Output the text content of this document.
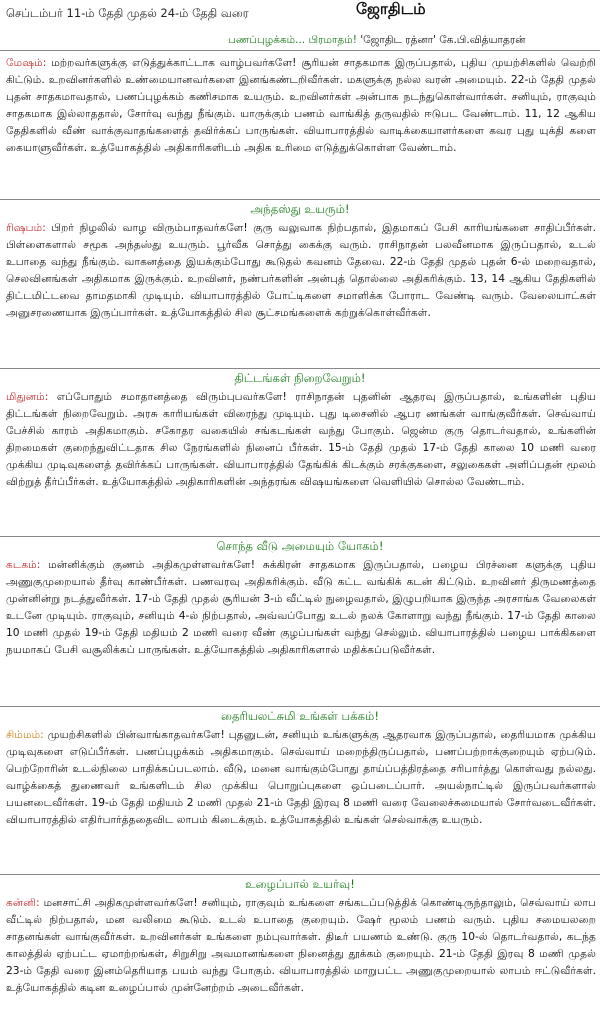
செப்டம்பர் 11-ம் தேதி முதல் 24-ம் தேதி வரை	ஜோதிடம்
பணப்புழக்கம்... பிரமாதம்! 'ஜோதிட ரத்னா' கே.பி.வித்யாதரன்
மேஷம்: மற்றவர்களுக்கு எடுத்துக்காட்டாக வாழ்பவர்களே! சூரியன் சாதகமாக இருப்பதால், புதிய முயற்சிகளில் வெற்றி கிட்டும். உறவினர்களில் உண்மையானவர்களை இனங்கண்டறிவீர்கள். மகளுக்கு நல்ல வரன் அமையும். 22-ம் தேதி முதல் புதன் சாதகமாவதால், பணப்புழக்கம் கணிசமாக உயரும். உறவினர்கள் அன்பாக நடந்துகொள்வார்கள். சனியும், ராகுவும் சாதகமாக இல்லாததால், சோர்வு வந்து நீங்கும். யாருக்கும் பணம் வாங்கித் தருவதில் ஈடுபட வேண்டாம். 11, 12 ஆகிய தேதிகளில் வீண் வாக்குவாதங்களைத் தவிர்க்கப் பாருங்கள். வியாபாரத்தில் வாடிக்கையாளர்களை கவர புது யுக்தி களை கையாளுவீர்கள். உத்யோகத்தில் அதிகாரிகளிடம் அதிக உரிமை எடுத்துக்கொள்ள வேண்டாம்.
அந்தஸ்து உயரும்!
ரிஷபம்: பிறர் நிழலில் வாழ விரும்பாதவர்களே! குரு வலுவாக நிற்பதால், இதமாகப் பேசி காரியங்களை சாதிப்பீர்கள். பிள்ளைகளால் சமூக அந்தஸ்து உயரும். பூர்வீக சொத்து கைக்கு வரும். ராசிநாதன் பலவீனமாக இருப்பதால், உடல் உபாதை வந்து நீங்கும். வாகனத்தை இயக்கும்போது கூடுதல் கவனம் தேவை. 22-ம் தேதி முதல் புதன் 6-ல் மறைவதால், செலவினங்கள் அதிகமாக இருக்கும். உறவினர், நண்பர்களின் அன்புத் தொல்லை அதிகரிக்கும். 13, 14 ஆகிய தேதிகளில் திட்டமிட்டவை தாமதமாகி முடியும். வியாபாரத்தில் போட்டிகளை சமாளிக்க போராட வேண்டி வரும். வேலையாட்கள் அனுசரணையாக இருப்பார்கள். உத்யோகத்தில் சில சூட்சமங்களைக் கற்றுக்கொள்வீர்கள்.
திட்டங்கள் நிறைவேறும்!
மிதுனம்: எப்போதும் சமாதானத்தை விரும்புபவர்களே! ராசிநாதன் புதனின் ஆதரவு இருப்பதால், உங்களின் புதிய திட்டங்கள் நிறைவேறும். அரசு காரியங்கள் விரைந்து முடியும். புது டிசைனில் ஆபர ணங்கள் வாங்குவீர்கள். செவ்வாய் பேச்சில் காரம் அதிகமாகும். சகோதர வகையில் சங்கடங்கள் வந்து போகும். ஜென்ம குரு தொடர்வதால், உங்களின் திறமைகள் குறைந்துவிட்டதாக சில நேரங்களில் நினைப் பீர்கள். 15-ம் தேதி முதல் 17-ம் தேதி காலை 10 மணி வரை முக்கிய முடிவுகளைத் தவிர்க்கப் பாருங்கள். வியாபாரத்தில் தேங்கிக் கிடக்கும் சரக்குகளை, சலுகைகள் அளிப்பதன் மூலம் விற்றுத் தீர்ப்பீர்கள். உத்யோகத்தில் அதிகாரிகளின் அந்தரங்க விஷயங்களை வெளியில் சொல்ல வேண்டாம்.
சொந்த வீடு அமையும் யோகம்!
கடகம்: மன்னிக்கும் குணம் அதிகமுள்ளவர்களே! சுக்கிரன் சாதகமாக இருப்பதால், பழைய பிரச்னை களுக்கு புதிய அணுகுமுறையால் தீர்வு காண்பீர்கள். பணவரவு அதிகரிக்கும். வீடு கட்ட வங்கிக் கடன் கிட்டும். உறவினர் திருமணத்தை முன்னின்று நடத்துவீர்கள். 17-ம் தேதி முதல் சூரியன் 3-ம் வீட்டில் நுழைவதால், இழுபறியாக இருந்த அரசாங்க வேலைகள் உடனே முடியும். ராகுவும், சனியும் 4-ல் நிற்பதால், அவ்வப்போது உடல் நலக் கோளாறு வந்து நீங்கும். 17-ம் தேதி காலை 10 மணி முதல் 19-ம் தேதி மதியம் 2 மணி வரை வீண் குழப்பங்கள் வந்து செல்லும். வியாபாரத்தில் பழைய பாக்கிகளை நயமாகப் பேசி வசூலிக்கப் பாருங்கள். உத்யோகத்தில் அதிகாரிகளால் மதிக்கப்படுவீர்கள்.
தைரியலட்சுமி உங்கள் பக்கம்!
சிம்மம்: முயற்சிகளில் பின்வாங்காதவர்களே! புதனுடன், சனியும் உங்களுக்கு ஆதரவாக இருப்பதால், தைரியமாக முக்கிய முடிவுகளை எடுப்பீர்கள். பணப்புழக்கம் அதிகமாகும். செவ்வாய் மறைந்திருப்பதால், பணப்பற்றாக்குறையும் ஏற்படும். பெற்றோரின் உடல்நிலை பாதிக்கப்படலாம். வீடு, மனை வாங்கும்போது தாய்ப்பத்திரத்தை சரிபார்த்து கொள்வது நல்லது. வாழ்க்கைத் துணைவர் உங்களிடம் சில முக்கிய பொறுப்புகளை ஒப்படைப்பார். அயல்நாட்டில் இருப்பவர்களால் பயனடைவீர்கள். 19-ம் தேதி மதியம் 2 மணி முதல் 21-ம் தேதி இரவு 8 மணி வரை வேலைச்சுமையால் சோர்வடைவீர்கள். வியாபாரத்தில் எதிர்பார்த்ததைவிட லாபம் கிடைக்கும். உத்யோகத்தில் உங்கள் செல்வாக்கு உயரும்.
உழைப்பால் உயர்வு!
கன்னி: மனசாட்சி அதிகமுள்ளவர்களே! சனியும், ராகுவும் உங்களை சங்கடப்படுத்திக் கொண்டிருந்தாலும், செவ்வாய் லாப வீட்டில் நிற்பதால், மன வலிமை கூடும். உடல் உபாதை குறையும். ஷேர் மூலம் பணம் வரும். புதிய சமையலறை சாதனங்கள் வாங்குவீர்கள். உறவினர்கள் உங்களை நம்புவார்கள். திடீர் பயணம் உண்டு. குரு 10-ல் தொடர்வதால், கடந்த காலத்தில் ஏற்பட்ட ஏமாற்றங்கள், சிறுசிறு அவமானங்களை நினைத்து தூக்கம் குறையும். 21-ம் தேதி இரவு 8 மணி முதல் 23-ம் தேதி வரை இனம்தெரியாத பயம் வந்து போகும். வியாபாரத்தில் மாறுபட்ட அணுகுமுறையால் லாபம் ஈட்டுவீர்கள். உத்யோகத்தில் கடின உழைப்பால் முன்னேற்றம் அடைவீர்கள்.
